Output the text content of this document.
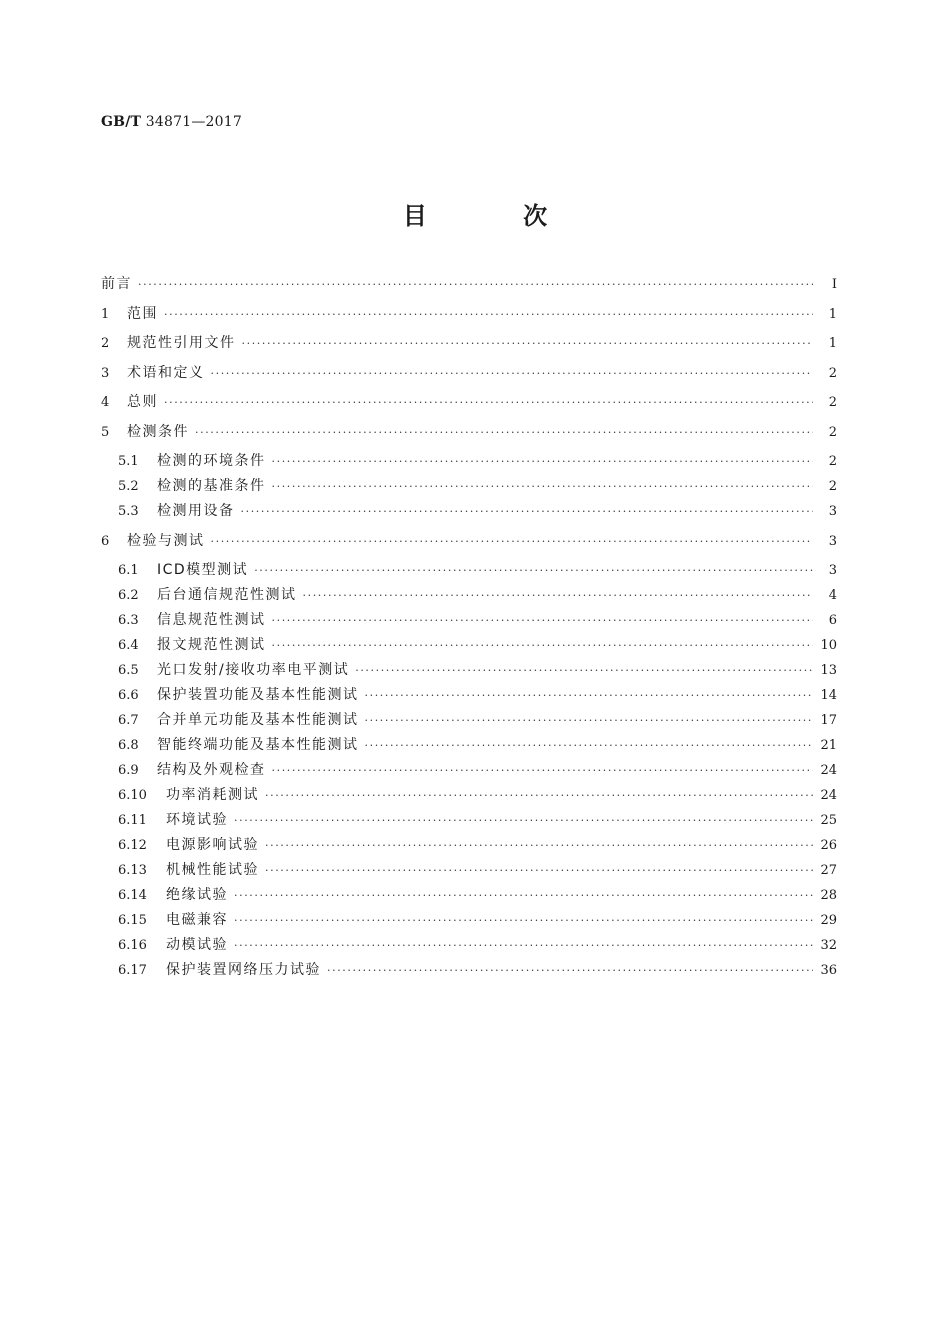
GB/T 34871—2017
目 次
前言 ·····	Ⅰ
1	范围 ·····	1
2	规范性引用文件 ·····	1
3	术语和定义 ·····	2
4	总则 ·····	2
5	检测条件 ·····	2
5.1	检测的环境条件 ·····	2
5.2	检测的基准条件 ·····	2
5.3	检测用设备 ·····	3
6	检验与测试 ·····	3
6.1	ICD模型测试 ·····	3
6.2	后台通信规范性测试 ·····	4
6.3	信息规范性测试 ·····	6
6.4	报文规范性测试 ·····	10
6.5	光口发射/接收功率电平测试 ·····	13
6.6	保护装置功能及基本性能测试 ·····	14
6.7	合并单元功能及基本性能测试 ·····	17
6.8	智能终端功能及基本性能测试 ·····	21
6.9	结构及外观检查 ·····	24
6.10	功率消耗测试 ·····	24
6.11	环境试验 ·····	25
6.12	电源影响试验 ·····	26
6.13	机械性能试验 ·····	27
6.14	绝缘试验 ·····	28
6.15	电磁兼容 ·····	29
6.16	动模试验 ·····	32
6.17	保护装置网络压力试验 ·····	36
